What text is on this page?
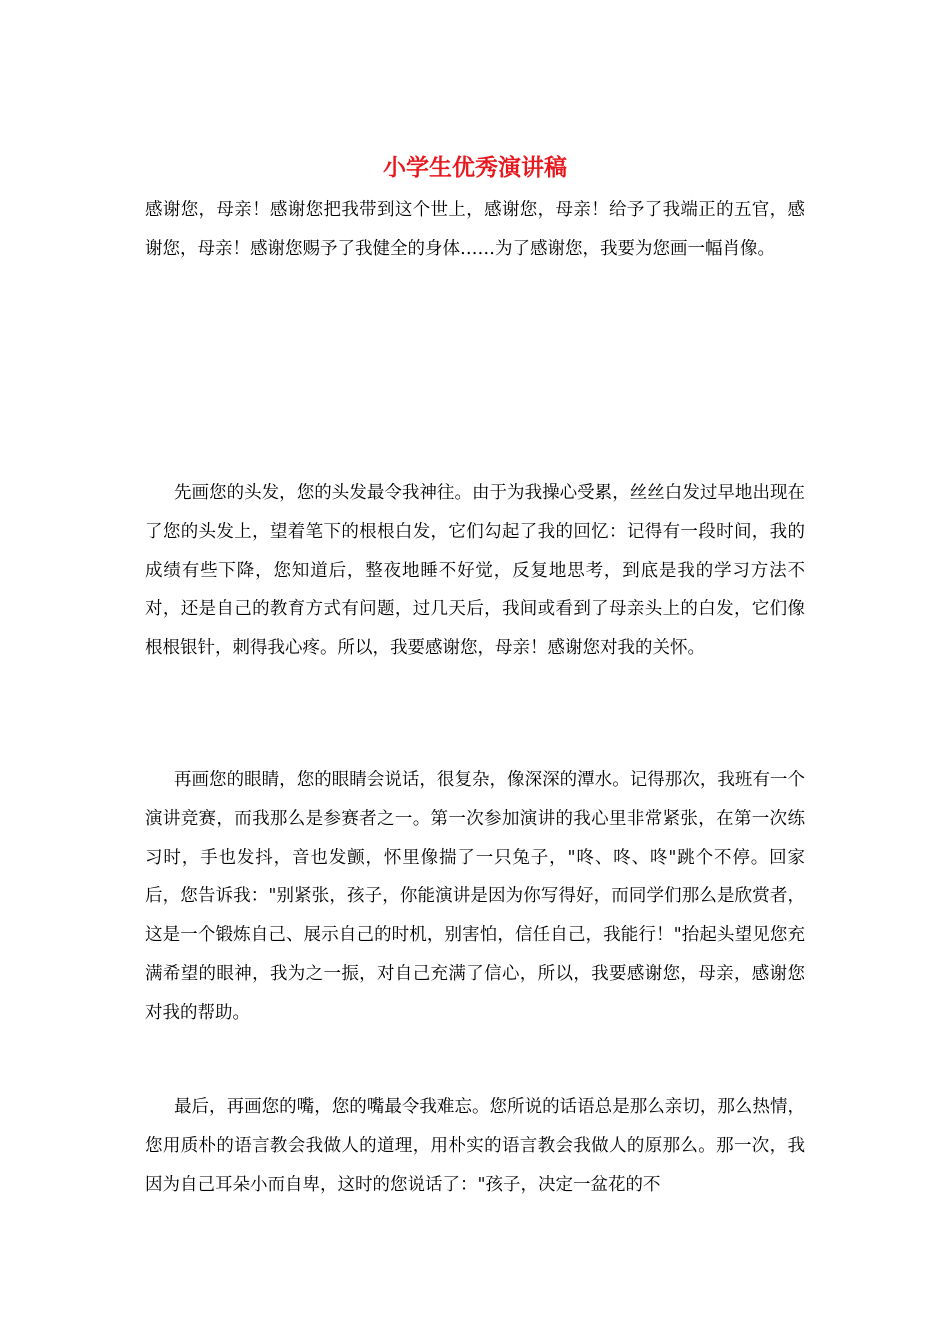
小学生优秀演讲稿

感谢您，母亲！感谢您把我带到这个世上，感谢您，母亲！给予了我端正的五官，感谢您，母亲！感谢您赐予了我健全的身体……为了感谢您，我要为您画一幅肖像。

先画您的头发，您的头发最令我神往。由于为我操心受累，丝丝白发过早地出现在了您的头发上，望着笔下的根根白发，它们勾起了我的回忆：记得有一段时间，我的成绩有些下降，您知道后，整夜地睡不好觉，反复地思考，到底是我的学习方法不对，还是自己的教育方式有问题，过几天后，我间或看到了母亲头上的白发，它们像根根银针，刺得我心疼。所以，我要感谢您，母亲！感谢您对我的关怀。

再画您的眼睛，您的眼睛会说话，很复杂，像深深的潭水。记得那次，我班有一个演讲竞赛，而我那么是参赛者之一。第一次参加演讲的我心里非常紧张，在第一次练习时，手也发抖，音也发颤，怀里像揣了一只兔子，"咚、咚、咚"跳个不停。回家后，您告诉我："别紧张，孩子，你能演讲是因为你写得好，而同学们那么是欣赏者，这是一个锻炼自己、展示自己的时机，别害怕，信任自己，我能行！"抬起头望见您充满希望的眼神，我为之一振，对自己充满了信心，所以，我要感谢您，母亲，感谢您对我的帮助。

最后，再画您的嘴，您的嘴最令我难忘。您所说的话语总是那么亲切，那么热情，您用质朴的语言教会我做人的道理，用朴实的语言教会我做人的原那么。那一次，我因为自己耳朵小而自卑，这时的您说话了："孩子，决定一盆花的不
